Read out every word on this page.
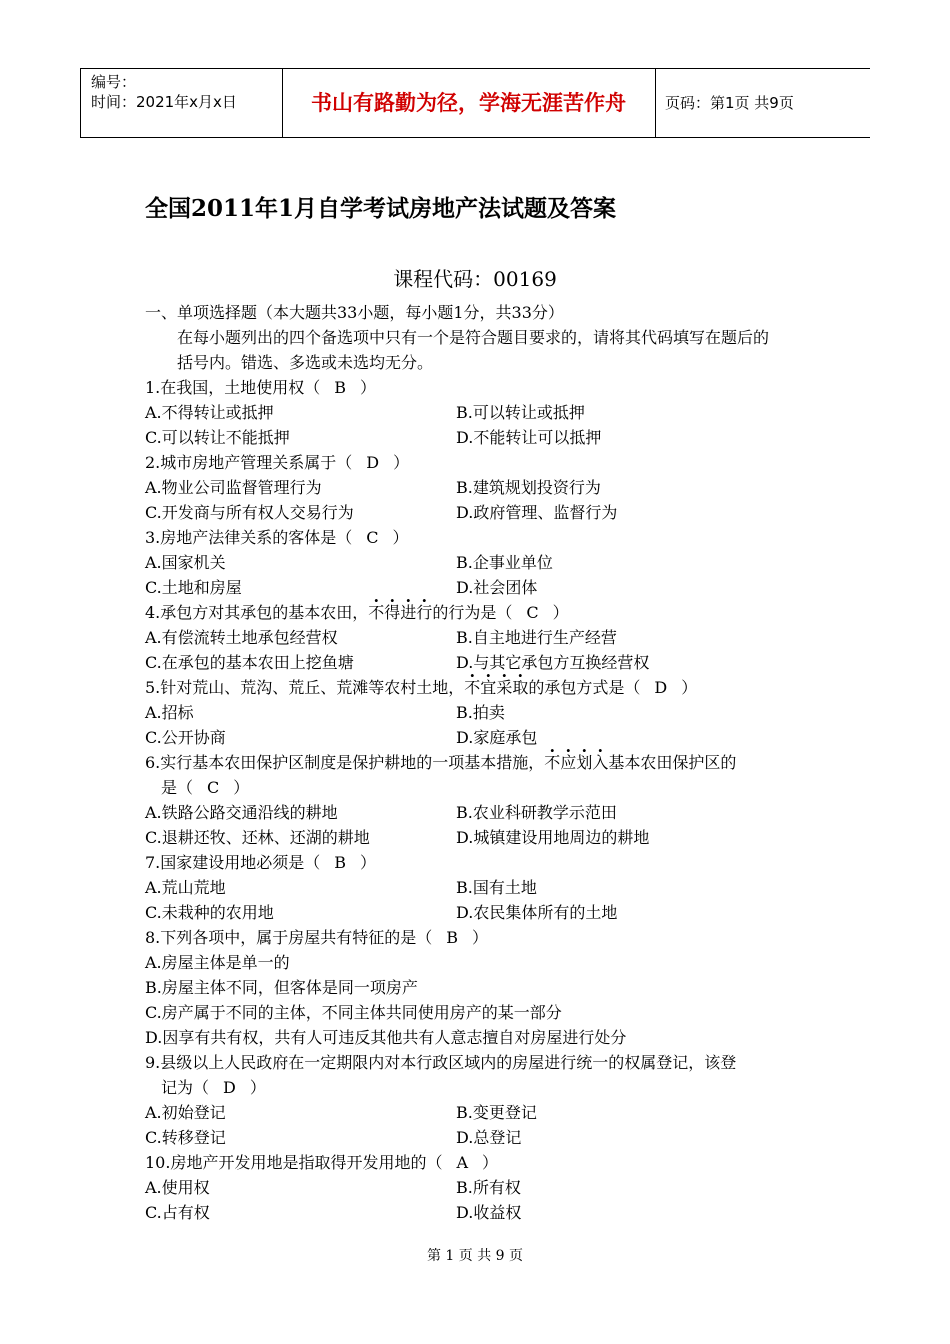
编号：
时间：2021年x月x日	书山有路勤为径，学海无涯苦作舟	页码：第1页 共9页
全国2011年1月自学考试房地产法试题及答案
课程代码：00169
一、单项选择题（本大题共33小题，每小题1分，共33分）
在每小题列出的四个备选项中只有一个是符合题目要求的，请将其代码填写在题后的
括号内。错选、多选或未选均无分。
1.在我国，土地使用权（ B ）
A.不得转让或抵押	B.可以转让或抵押
C.可以转让不能抵押	D.不能转让可以抵押
2.城市房地产管理关系属于（ D ）
A.物业公司监督管理行为	B.建筑规划投资行为
C.开发商与所有权人交易行为	D.政府管理、监督行为
3.房地产法律关系的客体是（ C ）
A.国家机关	B.企事业单位
C.土地和房屋	D.社会团体
4.承包方对其承包的基本农田，不得进行的行为是（ C ）
A.有偿流转土地承包经营权	B.自主地进行生产经营
C.在承包的基本农田上挖鱼塘	D.与其它承包方互换经营权
5.针对荒山、荒沟、荒丘、荒滩等农村土地，不宜采取的承包方式是（ D ）
A.招标	B.拍卖
C.公开协商	D.家庭承包
6.实行基本农田保护区制度是保护耕地的一项基本措施，不应划入基本农田保护区的
是（ C ）
A.铁路公路交通沿线的耕地	B.农业科研教学示范田
C.退耕还牧、还林、还湖的耕地	D.城镇建设用地周边的耕地
7.国家建设用地必须是（ B ）
A.荒山荒地	B.国有土地
C.未栽种的农用地	D.农民集体所有的土地
8.下列各项中，属于房屋共有特征的是（ B ）
A.房屋主体是单一的
B.房屋主体不同，但客体是同一项房产
C.房产属于不同的主体，不同主体共同使用房产的某一部分
D.因享有共有权，共有人可违反其他共有人意志擅自对房屋进行处分
9.县级以上人民政府在一定期限内对本行政区域内的房屋进行统一的权属登记，该登
记为（ D ）
A.初始登记	B.变更登记
C.转移登记	D.总登记
10.房地产开发用地是指取得开发用地的（ A ）
A.使用权	B.所有权
C.占有权	D.收益权
第 1 页 共 9 页
